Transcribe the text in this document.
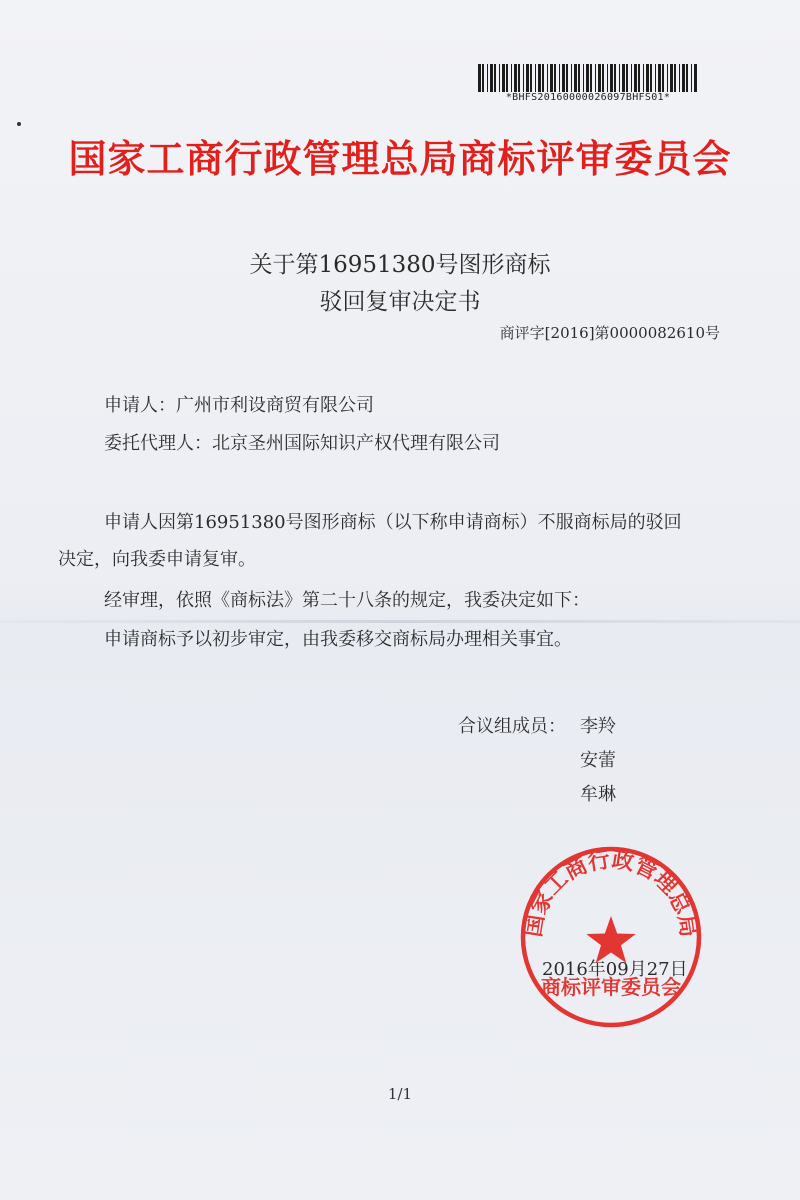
*BHFS20160000026097BHFS01*
国家工商行政管理总局商标评审委员会
关于第16951380号图形商标
驳回复审决定书
商评字[2016]第0000082610号
申请人：广州市利设商贸有限公司
委托代理人：北京圣州国际知识产权代理有限公司
申请人因第16951380号图形商标（以下称申请商标）不服商标局的驳回
决定，向我委申请复审。
经审理，依照《商标法》第二十八条的规定，我委决定如下：
申请商标予以初步审定，由我委移交商标局办理相关事宜。
合议组成员： 李羚
安蕾
牟琳
2016年09月27日
国家工商行政管理总局
商标评审委员会
1/1
